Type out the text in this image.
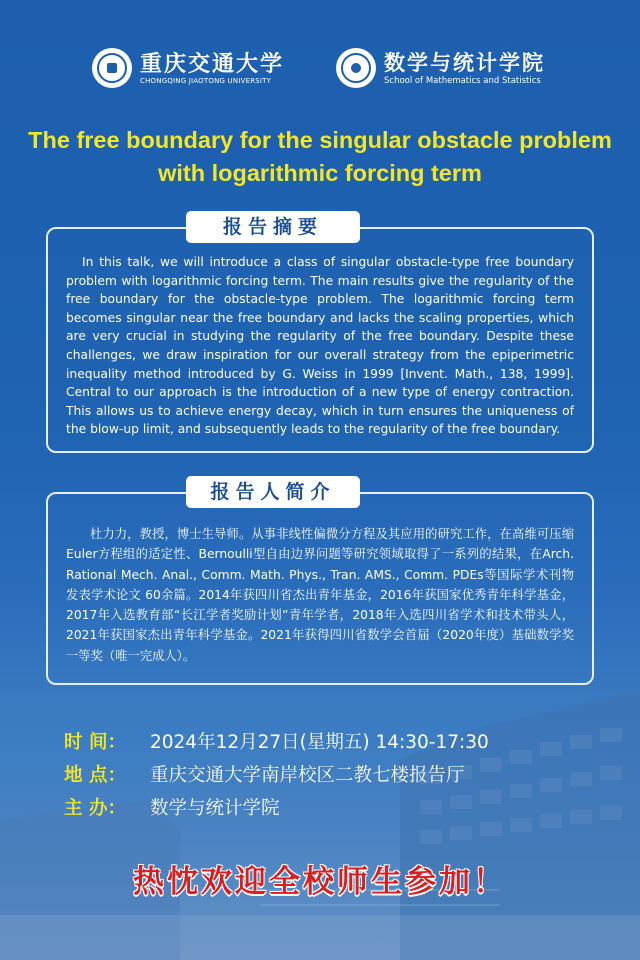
重庆交通大学
CHONGQING JIAOTONG UNIVERSITY
数学与统计学院
School of Mathematics and Statistics
The free boundary for the singular obstacle problem
with logarithmic forcing term
报告摘要
In this talk, we will introduce a class of singular obstacle-type free boundary problem with logarithmic forcing term. The main results give the regularity of the free boundary for the obstacle-type problem. The logarithmic forcing term becomes singular near the free boundary and lacks the scaling properties, which are very crucial in studying the regularity of the free boundary. Despite these challenges, we draw inspiration for our overall strategy from the epiperimetric inequality method introduced by G. Weiss in 1999 [Invent. Math., 138, 1999]. Central to our approach is the introduction of a new type of energy contraction. This allows us to achieve energy decay, which in turn ensures the uniqueness of the blow-up limit, and subsequently leads to the regularity of the free boundary.
报告人简介
杜力力，教授，博士生导师。从事非线性偏微分方程及其应用的研究工作，在高维可压缩Euler方程组的适定性、Bernoulli型自由边界问题等研究领域取得了一系列的结果，在Arch. Rational Mech. Anal., Comm. Math. Phys., Tran. AMS., Comm. PDEs等国际学术刊物发表学术论文 60余篇。2014年获四川省杰出青年基金，2016年获国家优秀青年科学基金，2017年入选教育部“长江学者奖励计划”青年学者，2018年入选四川省学术和技术带头人，2021年获国家杰出青年科学基金。2021年获得四川省数学会首届（2020年度）基础数学奖一等奖（唯一完成人）。
时 间： 2024年12月27日(星期五) 14:30-17:30
地 点： 重庆交通大学南岸校区二教七楼报告厅
主 办： 数学与统计学院
热忱欢迎全校师生参加！
